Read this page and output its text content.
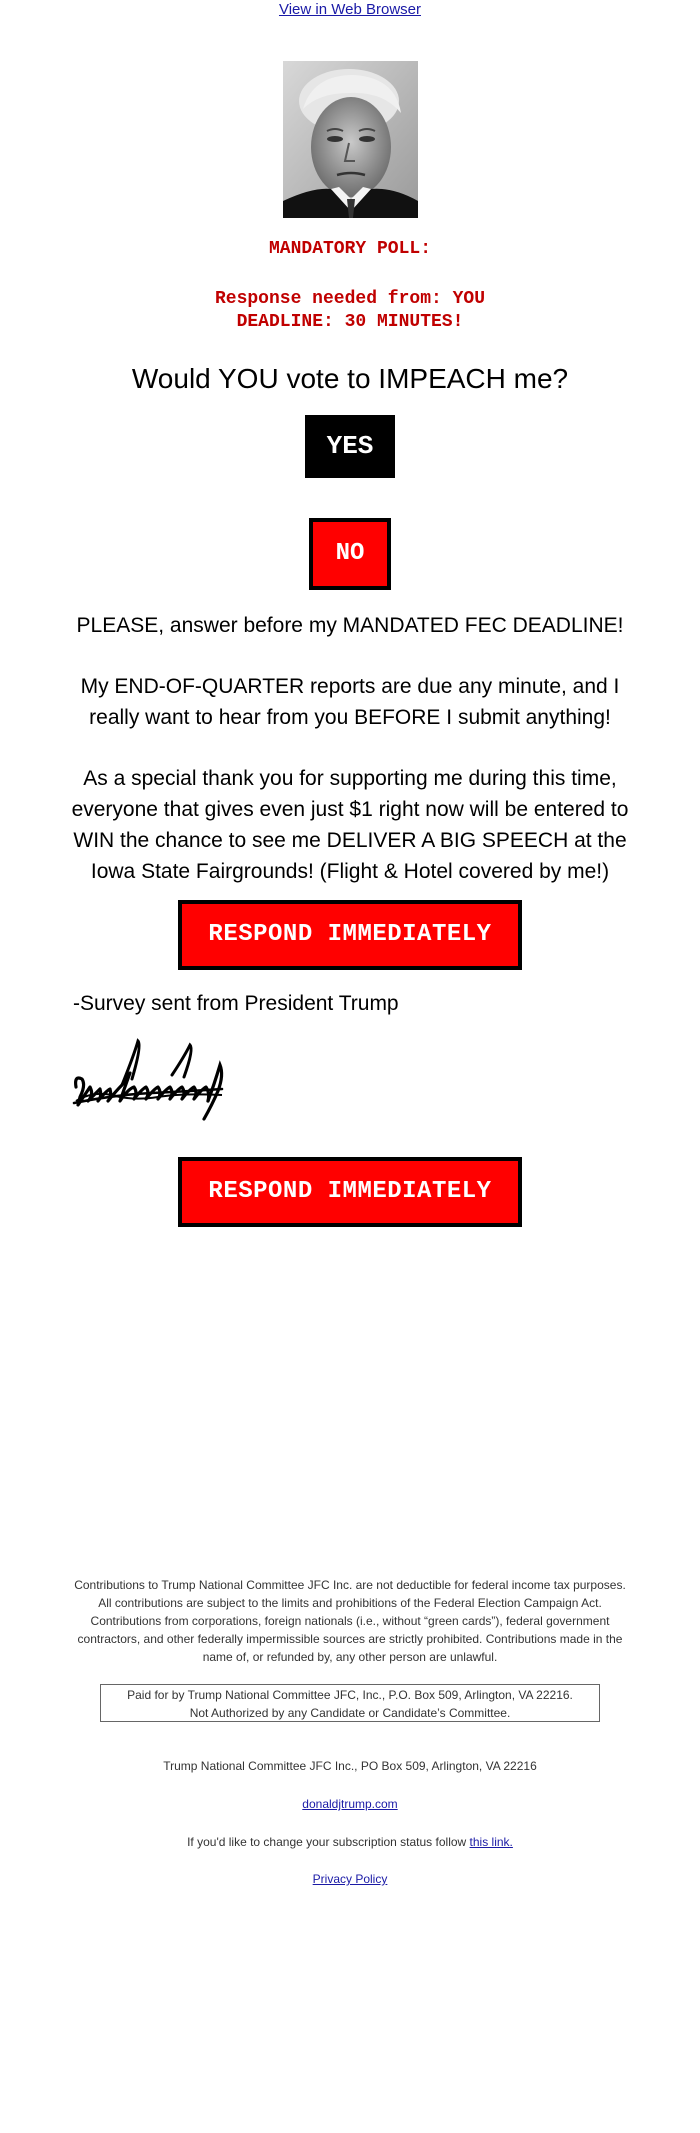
View in Web Browser
MANDATORY POLL:
Response needed from: YOU
DEADLINE: 30 MINUTES!
Would YOU vote to IMPEACH me?
YES
NO
PLEASE, answer before my MANDATED FEC DEADLINE!
My END-OF-QUARTER reports are due any minute, and I really want to hear from you BEFORE I submit anything!
As a special thank you for supporting me during this time, everyone that gives even just $1 right now will be entered to WIN the chance to see me DELIVER A BIG SPEECH at the Iowa State Fairgrounds! (Flight & Hotel covered by me!)
RESPOND IMMEDIATELY
-Survey sent from President Trump
RESPOND IMMEDIATELY
Contributions to Trump National Committee JFC Inc. are not deductible for federal income tax purposes. All contributions are subject to the limits and prohibitions of the Federal Election Campaign Act. Contributions from corporations, foreign nationals (i.e., without “green cards”), federal government contractors, and other federally impermissible sources are strictly prohibited. Contributions made in the name of, or refunded by, any other person are unlawful.
Paid for by Trump National Committee JFC, Inc., P.O. Box 509, Arlington, VA 22216.
Not Authorized by any Candidate or Candidate’s Committee.
Trump National Committee JFC Inc., PO Box 509, Arlington, VA 22216
donaldjtrump.com
If you'd like to change your subscription status follow this link.
Privacy Policy
